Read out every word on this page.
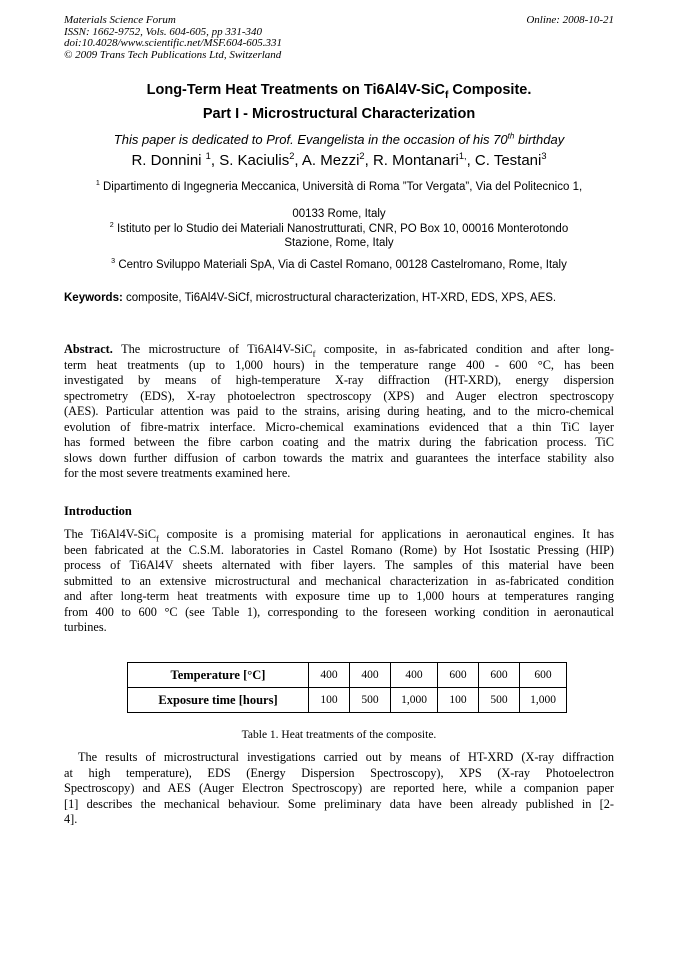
Materials Science Forum
ISSN: 1662-9752, Vols. 604-605, pp 331-340
doi:10.4028/www.scientific.net/MSF.604-605.331
© 2009 Trans Tech Publications Ltd, Switzerland
Online: 2008-10-21
Long-Term Heat Treatments on Ti6Al4V-SiC$_f$ Composite.
Part I - Microstructural Characterization
This paper is dedicated to Prof. Evangelista in the occasion of his 70th birthday
R. Donnini $^1$, S. Kaciulis$^2$, A. Mezzi$^2$, R. Montanari$^{1,}$, C. Testani$^3$
$^1$ Dipartimento di Ingegneria Meccanica, Università di Roma ”Tor Vergata”, Via del Politecnico 1,
00133 Rome, Italy
$^2$ Istituto per lo Studio dei Materiali Nanostrutturati, CNR, PO Box 10, 00016 Monterotondo
Stazione, Rome, Italy
$^3$ Centro Sviluppo Materiali SpA, Via di Castel Romano, 00128 Castelromano, Rome, Italy
Keywords: composite, Ti6Al4V-SiCf, microstructural characterization, HT-XRD, EDS, XPS, AES.
Abstract. The microstructure of Ti6Al4V-SiC$_f$ composite, in as-fabricated condition and after long-
term heat treatments (up to 1,000 hours) in the temperature range 400 - 600 °C, has been
investigated by means of high-temperature X-ray diffraction (HT-XRD), energy dispersion
spectrometry (EDS), X-ray photoelectron spectroscopy (XPS) and Auger electron spectroscopy
(AES). Particular attention was paid to the strains, arising during heating, and to the micro-chemical
evolution of fibre-matrix interface. Micro-chemical examinations evidenced that a thin TiC layer
has formed between the fibre carbon coating and the matrix during the fabrication process. TiC
slows down further diffusion of carbon towards the matrix and guarantees the interface stability also
for the most severe treatments examined here.
Introduction
The Ti6Al4V-SiC$_f$ composite is a promising material for applications in aeronautical engines. It has
been fabricated at the C.S.M. laboratories in Castel Romano (Rome) by Hot Isostatic Pressing (HIP)
process of Ti6Al4V sheets alternated with fiber layers. The samples of this material have been
submitted to an extensive microstructural and mechanical characterization in as-fabricated condition
and after long-term heat treatments with exposure time up to 1,000 hours at temperatures ranging
from 400 to 600 °C (see Table 1), corresponding to the foreseen working condition in aeronautical
turbines.
Temperature [°C]	400	400	400	600	600	600
Exposure time [hours]	100	500	1,000	100	500	1,000
Table 1. Heat treatments of the composite.
The results of microstructural investigations carried out by means of HT-XRD (X-ray diffraction
at high temperature), EDS (Energy Dispersion Spectroscopy), XPS (X-ray Photoelectron
Spectroscopy) and AES (Auger Electron Spectroscopy) are reported here, while a companion paper
[1] describes the mechanical behaviour. Some preliminary data have been already published in [2-
4].
